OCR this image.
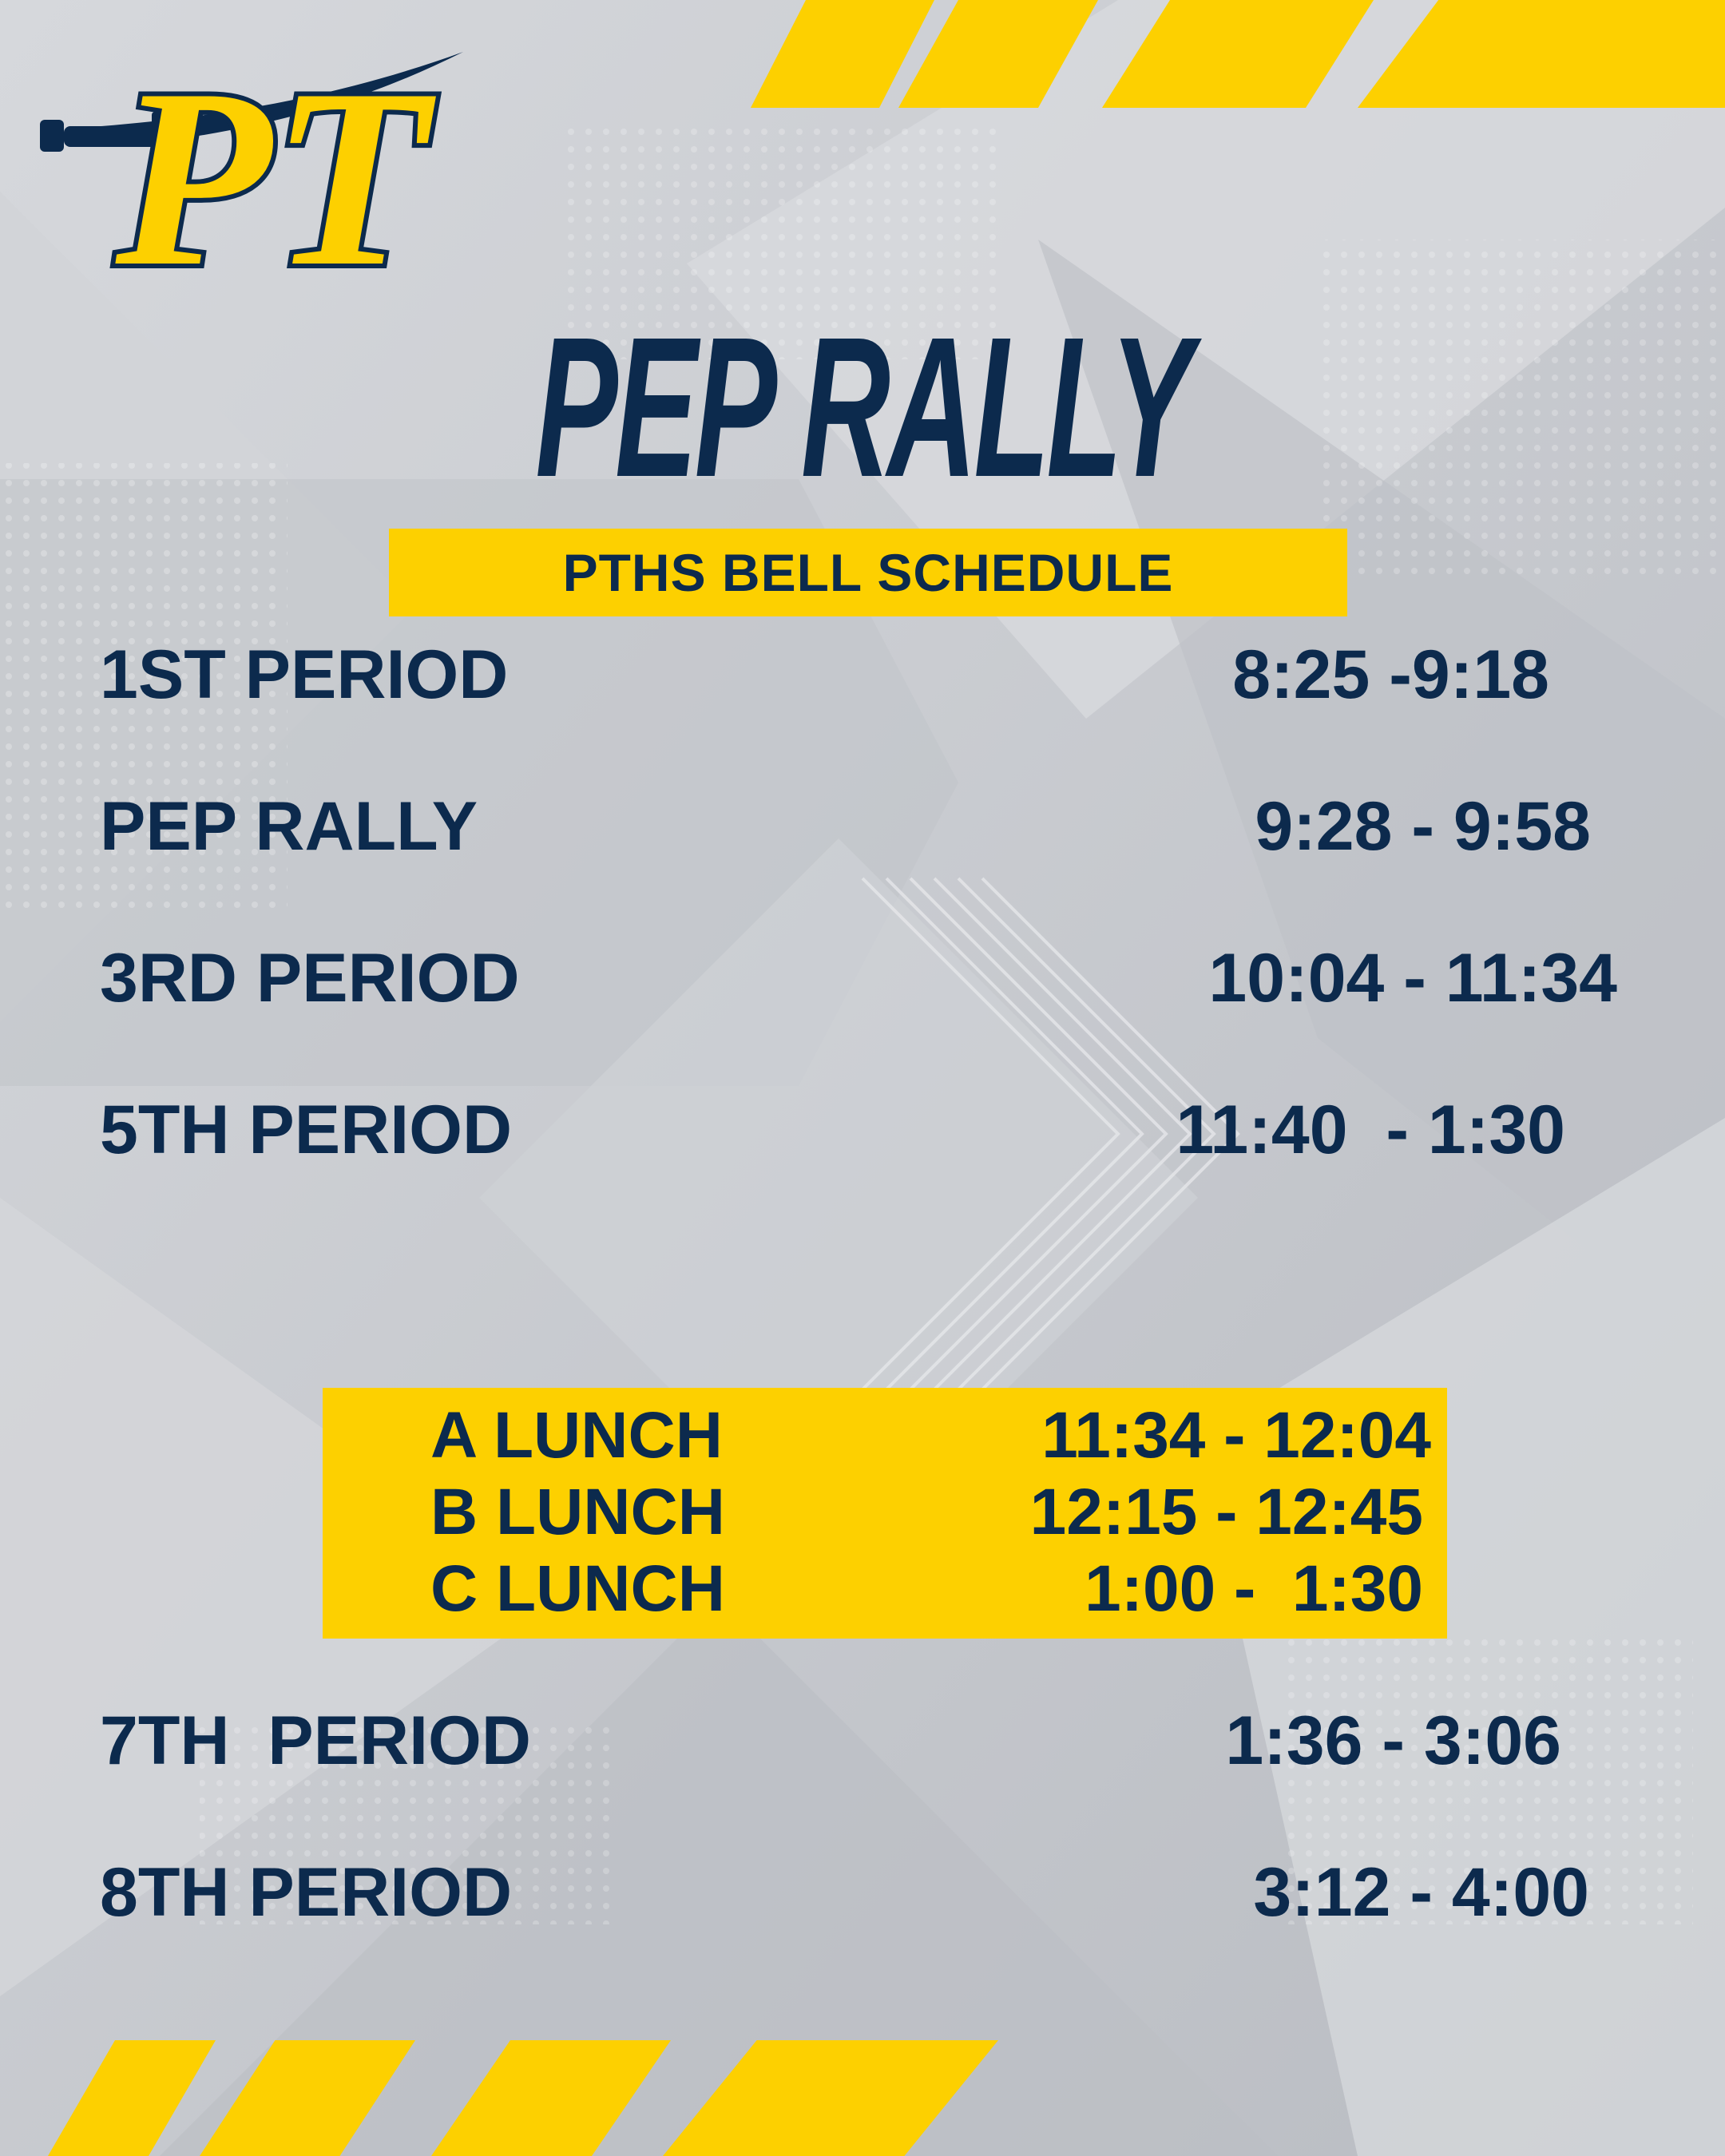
PT
PEP RALLY
PTHS BELL SCHEDULE
1ST PERIOD	8:25 -9:18
PEP RALLY	9:28 - 9:58
3RD PERIOD	10:04 - 11:34
5TH PERIOD	11:40  - 1:30
A LUNCH	11:34 - 12:04
B LUNCH	12:15 - 12:45
C LUNCH	1:00 -  1:30
7TH  PERIOD	1:36 - 3:06
8TH PERIOD	3:12 - 4:00
